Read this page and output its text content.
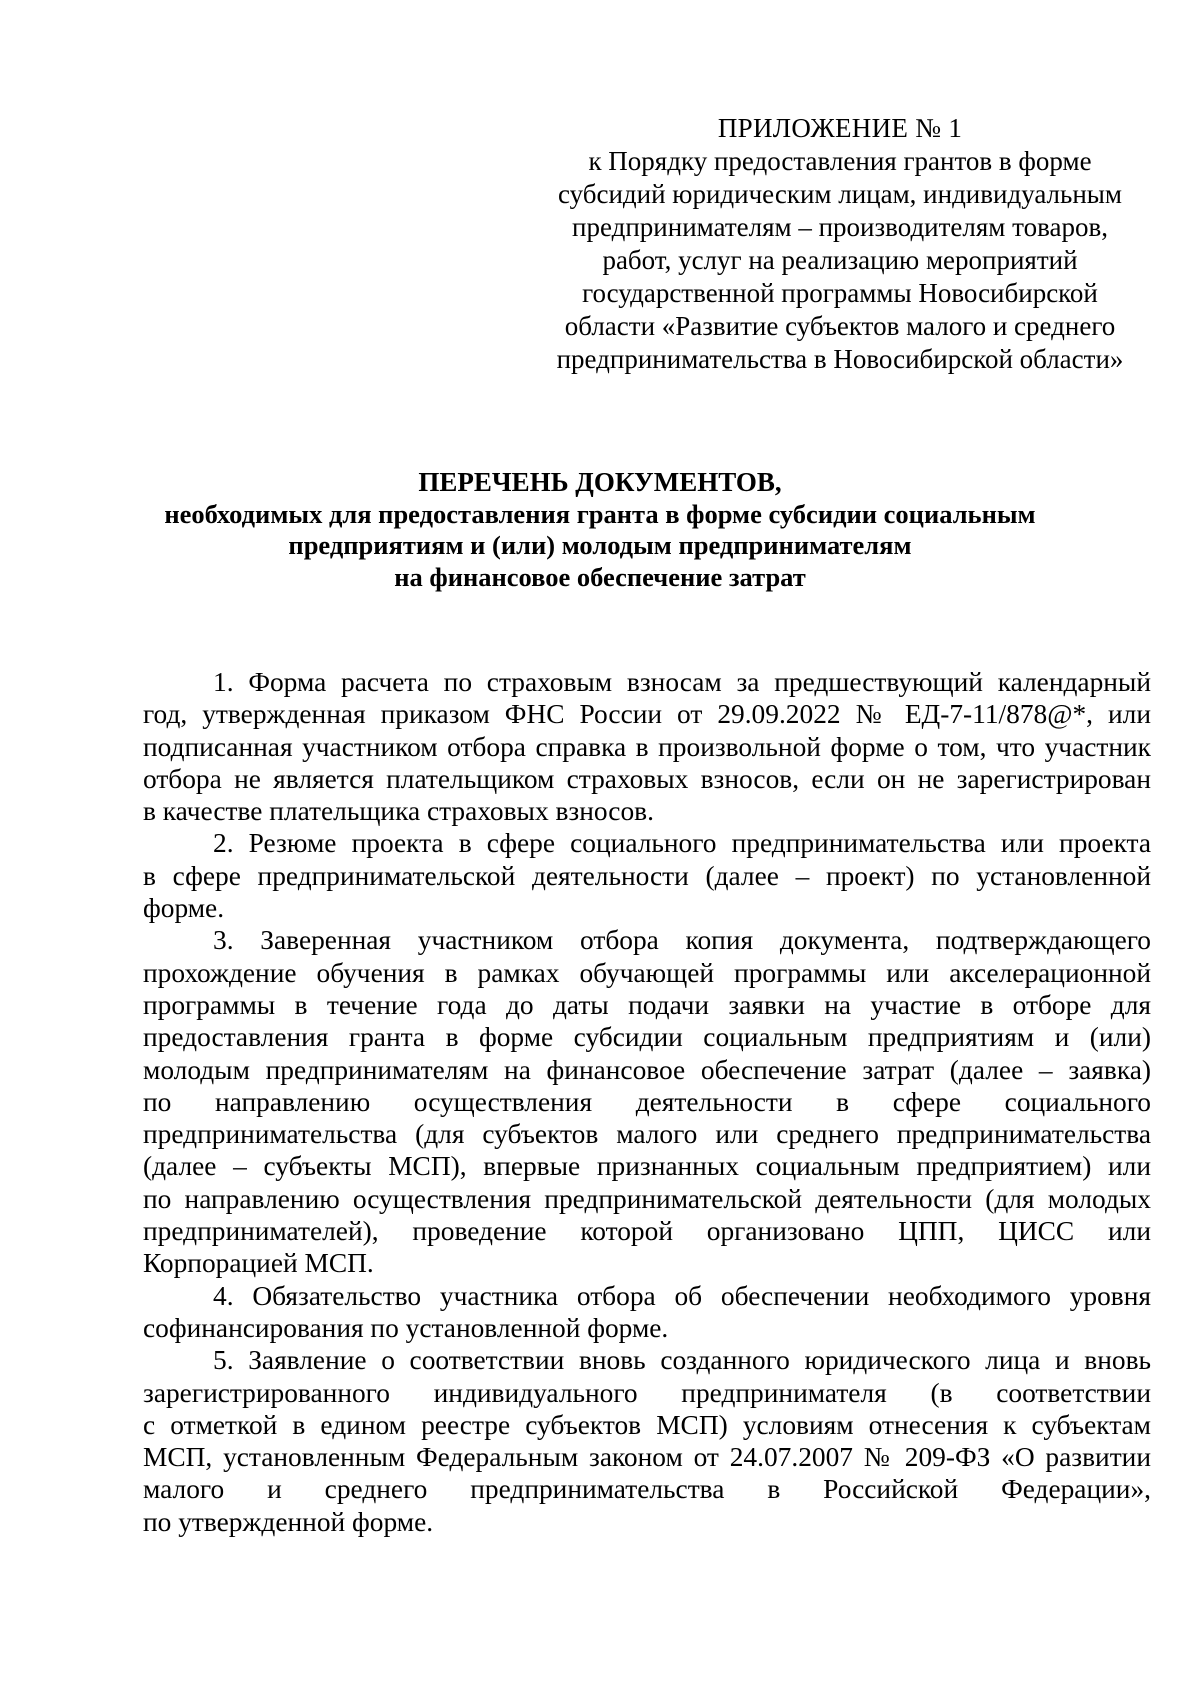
ПРИЛОЖЕНИЕ № 1
к Порядку предоставления грантов в форме
субсидий юридическим лицам, индивидуальным
предпринимателям – производителям товаров,
работ, услуг на реализацию мероприятий
государственной программы Новосибирской
области «Развитие субъектов малого и среднего
предпринимательства в Новосибирской области»
ПЕРЕЧЕНЬ ДОКУМЕНТОВ,
необходимых для предоставления гранта в форме субсидии социальным
предприятиям и (или) молодым предпринимателям
на финансовое обеспечение затрат
1. Форма расчета по страховым взносам за предшествующий календарный
год, утвержденная приказом ФНС России от 29.09.2022 № ЕД-7-11/878@*, или
подписанная участником отбора справка в произвольной форме о том, что участник
отбора не является плательщиком страховых взносов, если он не зарегистрирован
в качестве плательщика страховых взносов.
2. Резюме проекта в сфере социального предпринимательства или проекта
в сфере предпринимательской деятельности (далее – проект) по установленной
форме.
3. Заверенная участником отбора копия документа, подтверждающего
прохождение обучения в рамках обучающей программы или акселерационной
программы в течение года до даты подачи заявки на участие в отборе для
предоставления гранта в форме субсидии социальным предприятиям и (или)
молодым предпринимателям на финансовое обеспечение затрат (далее – заявка)
по направлению осуществления деятельности в сфере социального
предпринимательства (для субъектов малого или среднего предпринимательства
(далее – субъекты МСП), впервые признанных социальным предприятием) или
по направлению осуществления предпринимательской деятельности (для молодых
предпринимателей), проведение которой организовано ЦПП, ЦИСС или
Корпорацией МСП.
4. Обязательство участника отбора об обеспечении необходимого уровня
софинансирования по установленной форме.
5. Заявление о соответствии вновь созданного юридического лица и вновь
зарегистрированного индивидуального предпринимателя (в соответствии
с отметкой в едином реестре субъектов МСП) условиям отнесения к субъектам
МСП, установленным Федеральным законом от 24.07.2007 № 209-ФЗ «О развитии
малого и среднего предпринимательства в Российской Федерации»,
по утвержденной форме.
